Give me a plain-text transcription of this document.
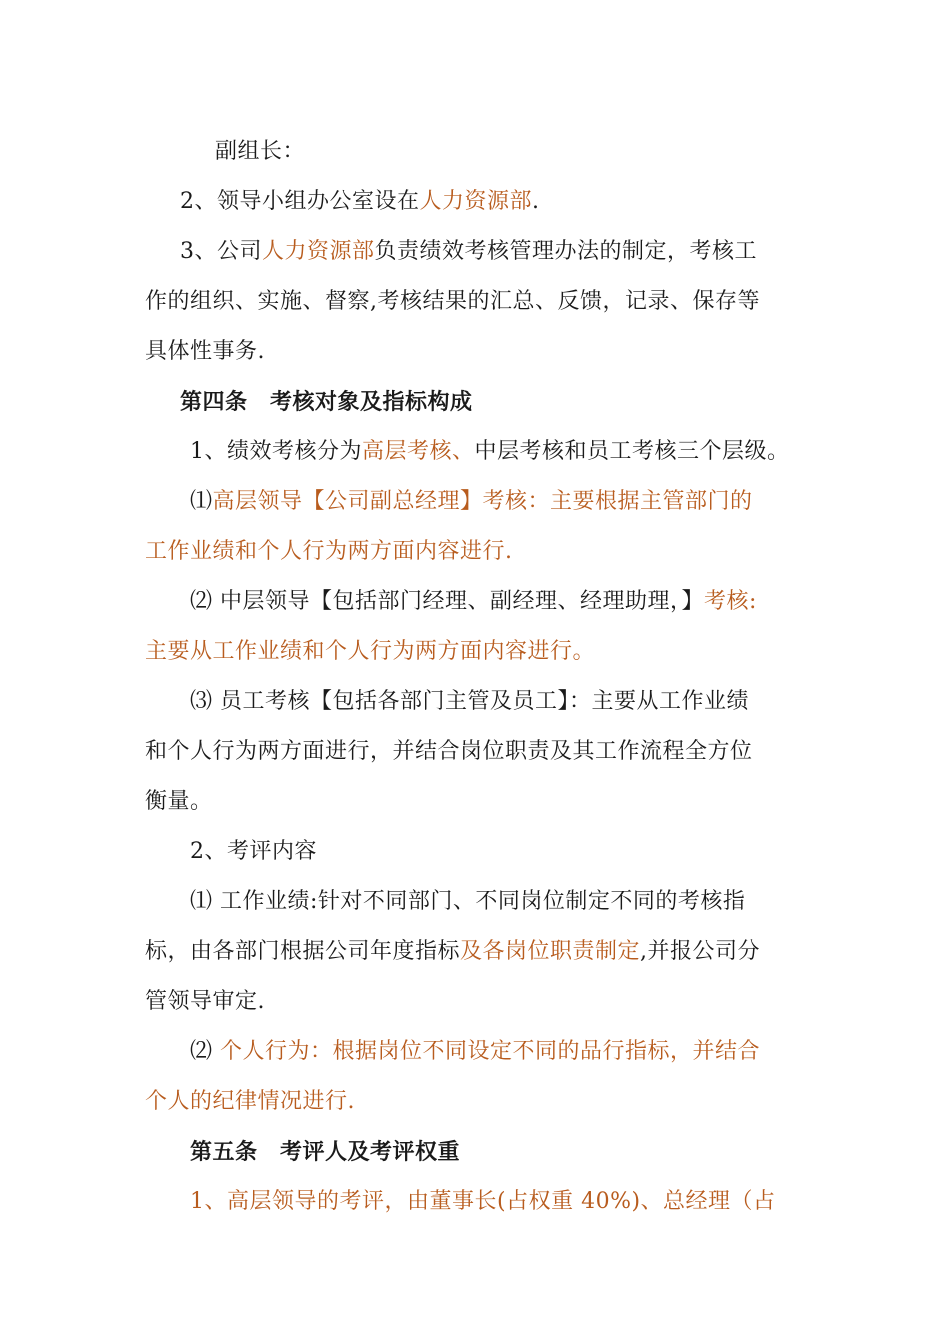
副组长：
2、领导小组办公室设在人力资源部.
3、公司人力资源部负责绩效考核管理办法的制定，考核工
作的组织、实施、督察,考核结果的汇总、反馈，记录、保存等
具体性事务.
第四条　考核对象及指标构成
1、绩效考核分为高层考核、中层考核和员工考核三个层级。
⑴高层领导【公司副总经理】考核：主要根据主管部门的
工作业绩和个人行为两方面内容进行.
⑵ 中层领导【包括部门经理、副经理、经理助理，】考核:
主要从工作业绩和个人行为两方面内容进行。
⑶ 员工考核【包括各部门主管及员工】：主要从工作业绩
和个人行为两方面进行，并结合岗位职责及其工作流程全方位
衡量。
2、考评内容
⑴ 工作业绩:针对不同部门、不同岗位制定不同的考核指
标，由各部门根据公司年度指标及各岗位职责制定,并报公司分
管领导审定.
⑵ 个人行为：根据岗位不同设定不同的品行指标，并结合
个人的纪律情况进行.
第五条　考评人及考评权重
1、高层领导的考评，由董事长(占权重 40%)、总经理（占
